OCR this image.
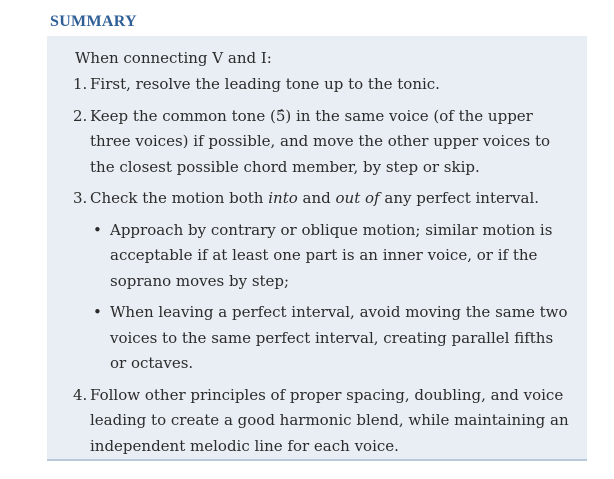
SUMMARY
When connecting V and I:
1. First, resolve the leading tone up to the tonic.
2. Keep the common tone (5̂) in the same voice (of the upper three voices) if possible, and move the other upper voices to the closest possible chord member, by step or skip.
3. Check the motion both into and out of any perfect interval.
• Approach by contrary or oblique motion; similar motion is acceptable if at least one part is an inner voice, or if the soprano moves by step;
• When leaving a perfect interval, avoid moving the same two voices to the same perfect interval, creating parallel fifths or octaves.
4. Follow other principles of proper spacing, doubling, and voice leading to create a good harmonic blend, while maintaining an independent melodic line for each voice.
